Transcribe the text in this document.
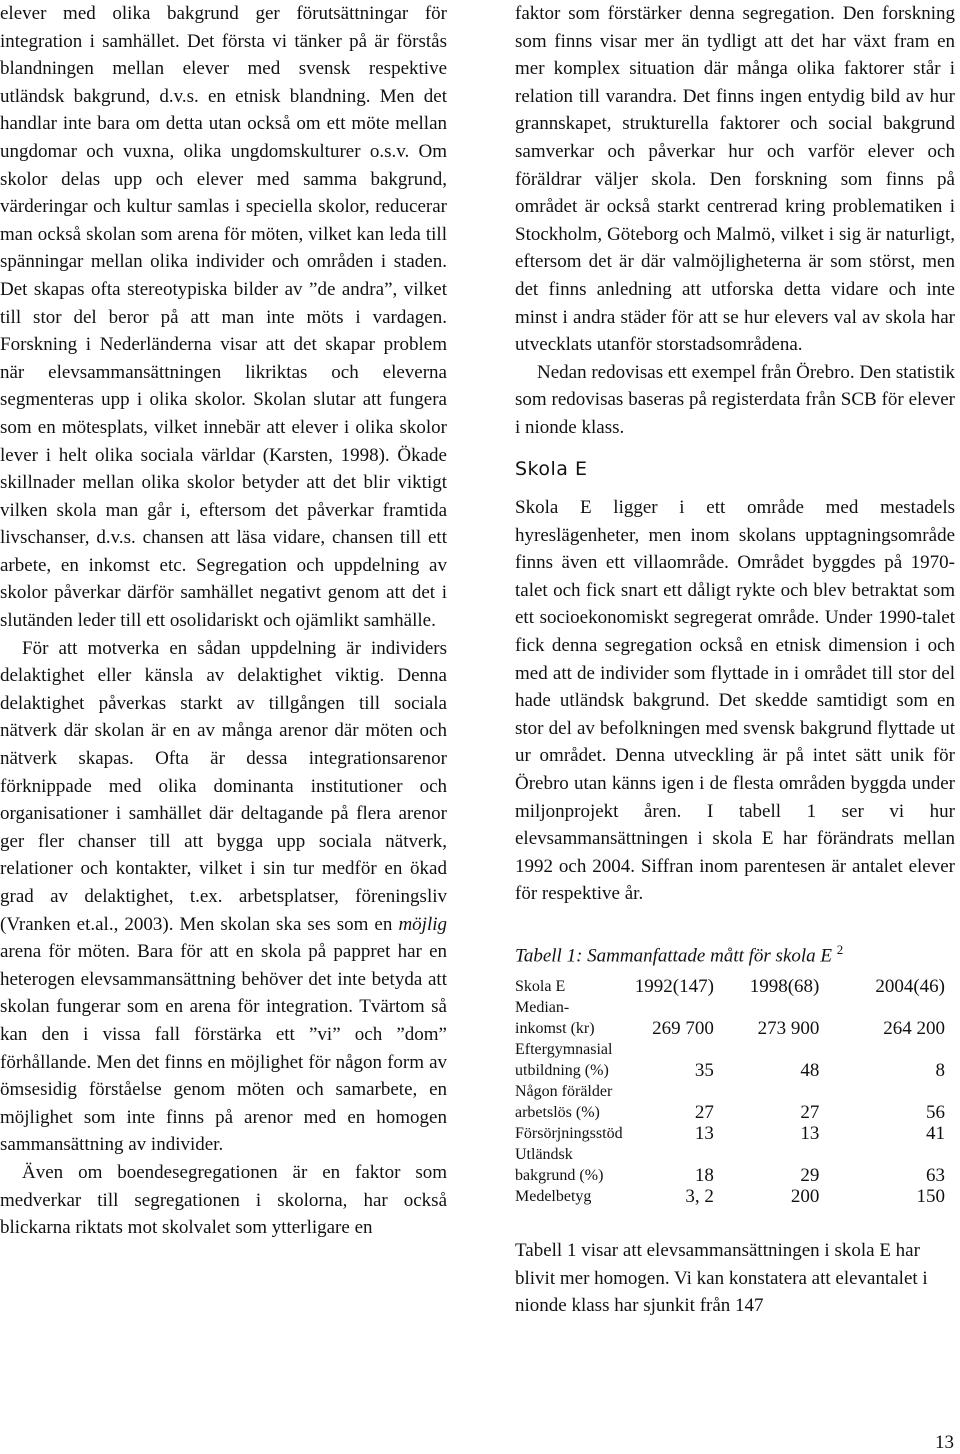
elever med olika bakgrund ger förutsättningar för integration i samhället. Det första vi tänker på är förstås blandningen mellan elever med svensk respektive utländsk bakgrund, d.v.s. en etnisk blandning. Men det handlar inte bara om detta utan också om ett möte mellan ungdomar och vuxna, olika ungdomskulturer o.s.v. Om skolor delas upp och elever med samma bakgrund, värderingar och kultur samlas i speciella skolor, reducerar man också skolan som arena för möten, vilket kan leda till spänningar mellan olika individer och områden i staden. Det skapas ofta stereotypiska bilder av ”de andra”, vilket till stor del beror på att man inte möts i vardagen. Forskning i Nederländerna visar att det skapar problem när elevsammansättningen likriktas och eleverna segmenteras upp i olika skolor. Skolan slutar att fungera som en mötesplats, vilket innebär att elever i olika skolor lever i helt olika sociala världar (Karsten, 1998). Ökade skillnader mellan olika skolor betyder att det blir viktigt vilken skola man går i, eftersom det påverkar framtida livschanser, d.v.s. chansen att läsa vidare, chansen till ett arbete, en inkomst etc. Segregation och uppdelning av skolor påverkar därför samhället negativt genom att det i slutänden leder till ett osolidariskt och ojämlikt samhälle.

För att motverka en sådan uppdelning är individers delaktighet eller känsla av delaktighet viktig. Denna delaktighet påverkas starkt av tillgången till sociala nätverk där skolan är en av många arenor där möten och nätverk skapas. Ofta är dessa integrationsarenor förknippade med olika dominanta institutioner och organisationer i samhället där deltagande på flera arenor ger fler chanser till att bygga upp sociala nätverk, relationer och kontakter, vilket i sin tur medför en ökad grad av delaktighet, t.ex. arbetsplatser, föreningsliv (Vranken et.al., 2003). Men skolan ska ses som en möjlig arena för möten. Bara för att en skola på pappret har en heterogen elevsammansättning behöver det inte betyda att skolan fungerar som en arena för integration. Tvärtom så kan den i vissa fall förstärka ett ”vi” och ”dom” förhållande. Men det finns en möjlighet för någon form av ömsesidig förståelse genom möten och samarbete, en möjlighet som inte finns på arenor med en homogen sammansättning av individer.

Även om boendesegregationen är en faktor som medverkar till segregationen i skolorna, har också blickarna riktats mot skolvalet som ytterligare en

faktor som förstärker denna segregation. Den forskning som finns visar mer än tydligt att det har växt fram en mer komplex situation där många olika faktorer står i relation till varandra. Det finns ingen entydig bild av hur grannskapet, strukturella faktorer och social bakgrund samverkar och påverkar hur och varför elever och föräldrar väljer skola. Den forskning som finns på området är också starkt centrerad kring problematiken i Stockholm, Göteborg och Malmö, vilket i sig är naturligt, eftersom det är där valmöjligheterna är som störst, men det finns anledning att utforska detta vidare och inte minst i andra städer för att se hur elevers val av skola har utvecklats utanför storstadsområdena.

Nedan redovisas ett exempel från Örebro. Den statistik som redovisas baseras på registerdata från SCB för elever i nionde klass.

Skola E

Skola E ligger i ett område med mestadels hyreslägenheter, men inom skolans upptagningsområde finns även ett villaområde. Området byggdes på 1970-talet och fick snart ett dåligt rykte och blev betraktat som ett socioekonomiskt segregerat område. Under 1990-talet fick denna segregation också en etnisk dimension i och med att de individer som flyttade in i området till stor del hade utländsk bakgrund. Det skedde samtidigt som en stor del av befolkningen med svensk bakgrund flyttade ut ur området. Denna utveckling är på intet sätt unik för Örebro utan känns igen i de flesta områden byggda under miljonprojekt åren. I tabell 1 ser vi hur elevsammansättningen i skola E har förändrats mellan 1992 och 2004. Siffran inom parentesen är antalet elever för respektive år.

Tabell 1: Sammanfattade mått för skola E $^2$
Skola E	1992(147)	1998(68)	2004(46)
Median-
inkomst (kr)	269 700	273 900	264 200
Eftergymnasial
utbildning (%)	35	48	8
Någon förälder
arbetslös (%)	27	27	56
Försörjningsstöd	13	13	41
Utländsk
bakgrund (%)	18	29	63
Medelbetyg	3, 2	200	150

Tabell 1 visar att elevsammansättningen i skola E har blivit mer homogen. Vi kan konstatera att elevantalet i nionde klass har sjunkit från 147

13
